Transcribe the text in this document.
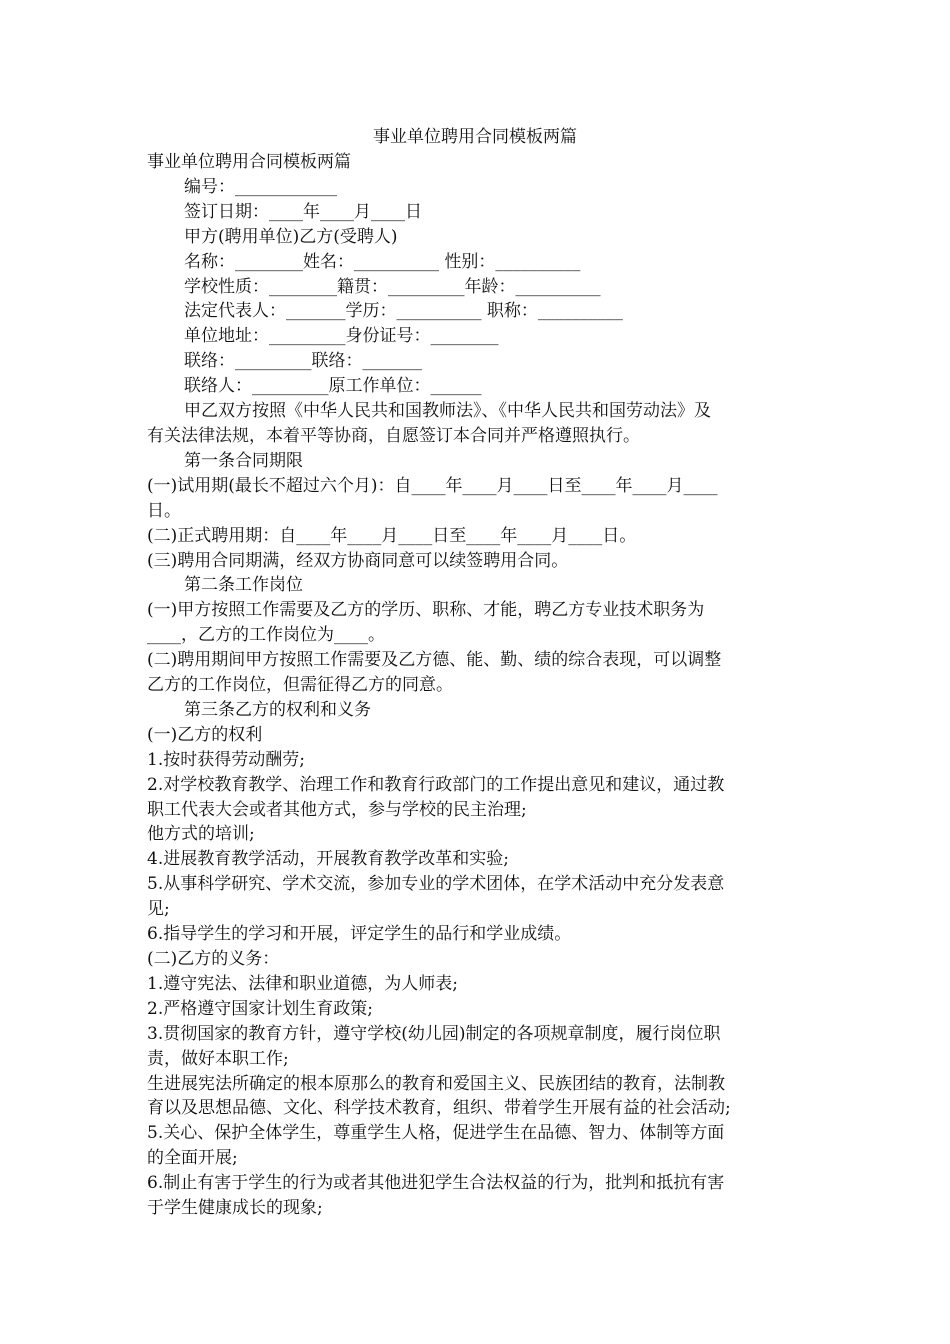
事业单位聘用合同模板两篇

事业单位聘用合同模板两篇

编号：____________

签订日期：____年____月____日

甲方(聘用单位)乙方(受聘人)

名称：________姓名：__________ 性别：__________

学校性质：________籍贯：_________年龄：__________

法定代表人：_______学历：__________ 职称：__________

单位地址：_________身份证号：________

联络：_________联络：_______

联络人：_________原工作单位：______

甲乙双方按照《中华人民共和国教师法》、《中华人民共和国劳动法》及

有关法律法规，本着平等协商，自愿签订本合同并严格遵照执行。

第一条合同期限

(一)试用期(最长不超过六个月)：自____年____月____日至____年____月____

日。

(二)正式聘用期：自____年____月____日至____年____月____日。

(三)聘用合同期满，经双方协商同意可以续签聘用合同。

第二条工作岗位

(一)甲方按照工作需要及乙方的学历、职称、才能，聘乙方专业技术职务为

____，乙方的工作岗位为____。

(二)聘用期间甲方按照工作需要及乙方德、能、勤、绩的综合表现，可以调整

乙方的工作岗位，但需征得乙方的同意。

第三条乙方的权利和义务

(一)乙方的权利

1.按时获得劳动酬劳;

2.对学校教育教学、治理工作和教育行政部门的工作提出意见和建议，通过教

职工代表大会或者其他方式，参与学校的民主治理;

他方式的培训;

4.进展教育教学活动，开展教育教学改革和实验;

5.从事科学研究、学术交流，参加专业的学术团体，在学术活动中充分发表意

见;

6.指导学生的学习和开展，评定学生的品行和学业成绩。

(二)乙方的义务：

1.遵守宪法、法律和职业道德，为人师表;

2.严格遵守国家计划生育政策;

3.贯彻国家的教育方针，遵守学校(幼儿园)制定的各项规章制度，履行岗位职

责，做好本职工作;

生进展宪法所确定的根本原那么的教育和爱国主义、民族团结的教育，法制教

育以及思想品德、文化、科学技术教育，组织、带着学生开展有益的社会活动;

5.关心、保护全体学生，尊重学生人格，促进学生在品德、智力、体制等方面

的全面开展;

6.制止有害于学生的行为或者其他进犯学生合法权益的行为，批判和抵抗有害

于学生健康成长的现象;
